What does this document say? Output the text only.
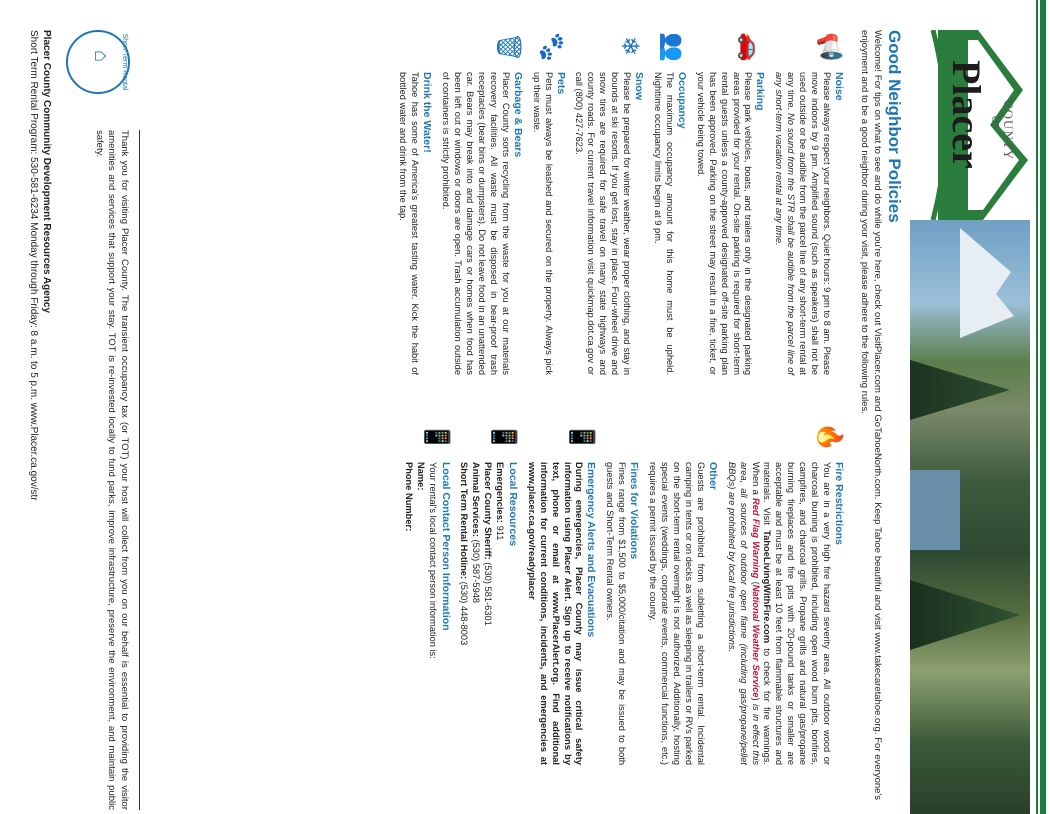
COUNTY
OF
Placer
Good Neighbor Policies

Welcome! For tips on what to see and do while you're here, check out VisitPlacer.com and GoTahoeNorth.com. Keep Tahoe beautiful and visit www.takecaretahoe.org. For everyone's enjoyment and to be a good neighbor during your visit, please adhere to the following rules.

📢
Noise

Please always respect your neighbors. Quiet hours: 9 pm to 8 am. Please move indoors by 9 pm. Amplified sound (such as speakers) shall not be used outside or be audible from the parcel line of any short-term rental at any time. No sound from the STR shall be audible from the parcel line of any short-term vacation rental at any time.

🚗
Parking

Please park vehicles, boats, and trailers only in the designated parking areas provided for your rental. On-site parking is required for short-term rental guests unless a county-approved designated off-site parking plan has been approved. Parking on the street may result in a fine, ticket, or your vehicle being towed.

👥
Occupancy

The maximum occupancy amount for this home must be upheld. Nighttime occupancy limits begin at 9 pm.

❄
Snow

Please be prepared for winter weather, wear proper clothing, and stay in bounds at ski resorts. If you get lost, stay in place. Four-wheel drive and snow tires are required for safe travel on many state highways and county roads. For current travel information visit quickmap.dot.ca.gov or call (800) 427-7623.

🐾
Pets

Pets must always be leashed and secured on the property. Always pick up their waste.

🗑
Garbage & Bears

Placer County sorts recycling from the waste for you at our materials recovery facilities. All waste must be disposed in bear-proof trash receptacles (bear bins or dumpsters). Do not leave food in an unattended car. Bears may break into and damage cars or homes when food has been left out or windows or doors are open. Trash accumulation outside of containers is strictly prohibited.

Drink the Water!

Tahoe has some of America's greatest tasting water. Kick the habit of bottled water and drink from the tap.

🔥
Fire Restrictions

You are in a very high fire hazard severity area. All outdoor wood or charcoal burning is prohibited, including open wood burn pits, bonfires, campfires, and charcoal grills. Propane grills and natural gas/propane burning fireplaces and fire pits with 20-pound tanks or smaller are acceptable and must be at least 10 feet from flammable structures and materials. Visit TahoeLivingWithFire.com to check for fire warnings. When a Red Flag Warning (National Weather Service) is in effect this area, all sources of outdoor open flame (including gas/propane/pellet BBQs) are prohibited by local fire jurisdictions.

Other

Guests are prohibited from subletting a short-term rental. Incidental camping in tents or on decks as well as sleeping in trailers or RVs parked on the short-term rental overnight is not authorized. Additionally, hosting special events (weddings, corporate events, commercial functions, etc.) requires a permit issued by the county.

Fines for Violations

Fines range from $1,500 to $5,000/citation and may be issued to both guests and Short-Term Rental owners.

📱
Emergency Alerts and Evacuations

During emergencies, Placer County may issue critical safety information using Placer Alert. Sign up to receive notifications by text, phone or email at www.PlacerAlert.org. Find additional information for current conditions, incidents, and emergencies at www.placer.ca.gov/readyplacer

📱
Local Resources

Emergencies: 911

Placer County Sheriff: (530) 581-6301

Animal Services: (530) 587-5948

Short Term Rental Hotline: (530) 448-8003

📱
Local Contact Person Information

Your rental's local contact person information is:

Name:

Phone Number:

Short-Term Rental
⌂

Thank you for visiting Placer County. The transient occupancy tax (or TOT) your host will collect from you on our behalf is essential to providing the visitor amenities and services that support your stay. TOT is re-invested locally to fund parks, improve infrastructure, preserve the environment, and maintain public safety.

Placer County Community Development Resources Agency
Short Term Rental Program: 530-581-6234 Monday through Friday: 8 a.m. to 5 p.m. www.Placer.ca.gov/str
